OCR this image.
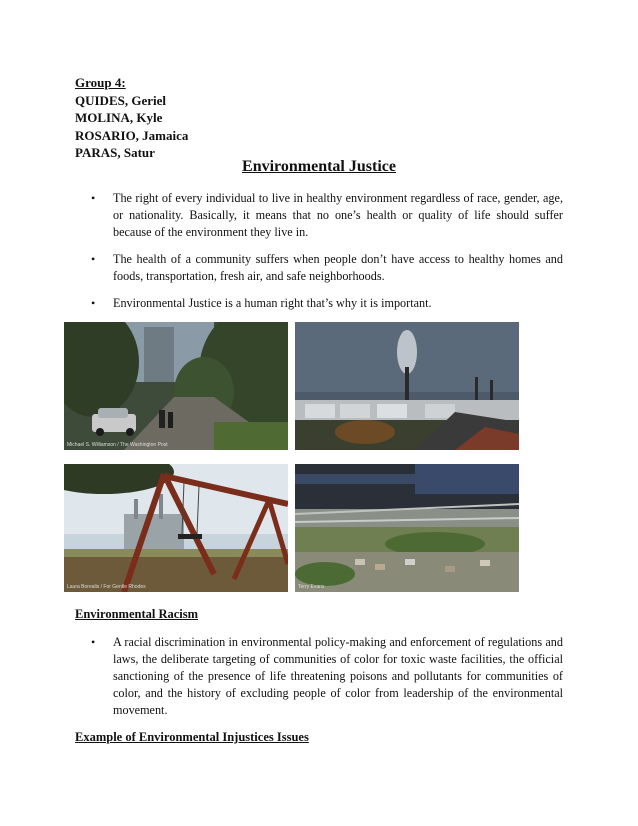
Group 4:
QUIDES, Geriel
MOLINA, Kyle
ROSARIO, Jamaica
PARAS, Satur
Environmental Justice
• The right of every individual to live in healthy environment regardless of race, gender, age, or nationality. Basically, it means that no one’s health or quality of life should suffer because of the environment they live in.
• The health of a community suffers when people don’t have access to healthy homes and foods, transportation, fresh air, and safe neighborhoods.
• Environmental Justice is a human right that’s why it is important.
Michael S. Williamson / The Washington Post
Laura Borealis / For Gentle Rhodes	Terry Evans
Environmental Racism
• A racial discrimination in environmental policy-making and enforcement of regulations and laws, the deliberate targeting of communities of color for toxic waste facilities, the official sanctioning of the presence of life threatening poisons and pollutants for communities of color, and the history of excluding people of color from leadership of the environmental movement.
Example of Environmental Injustices Issues
